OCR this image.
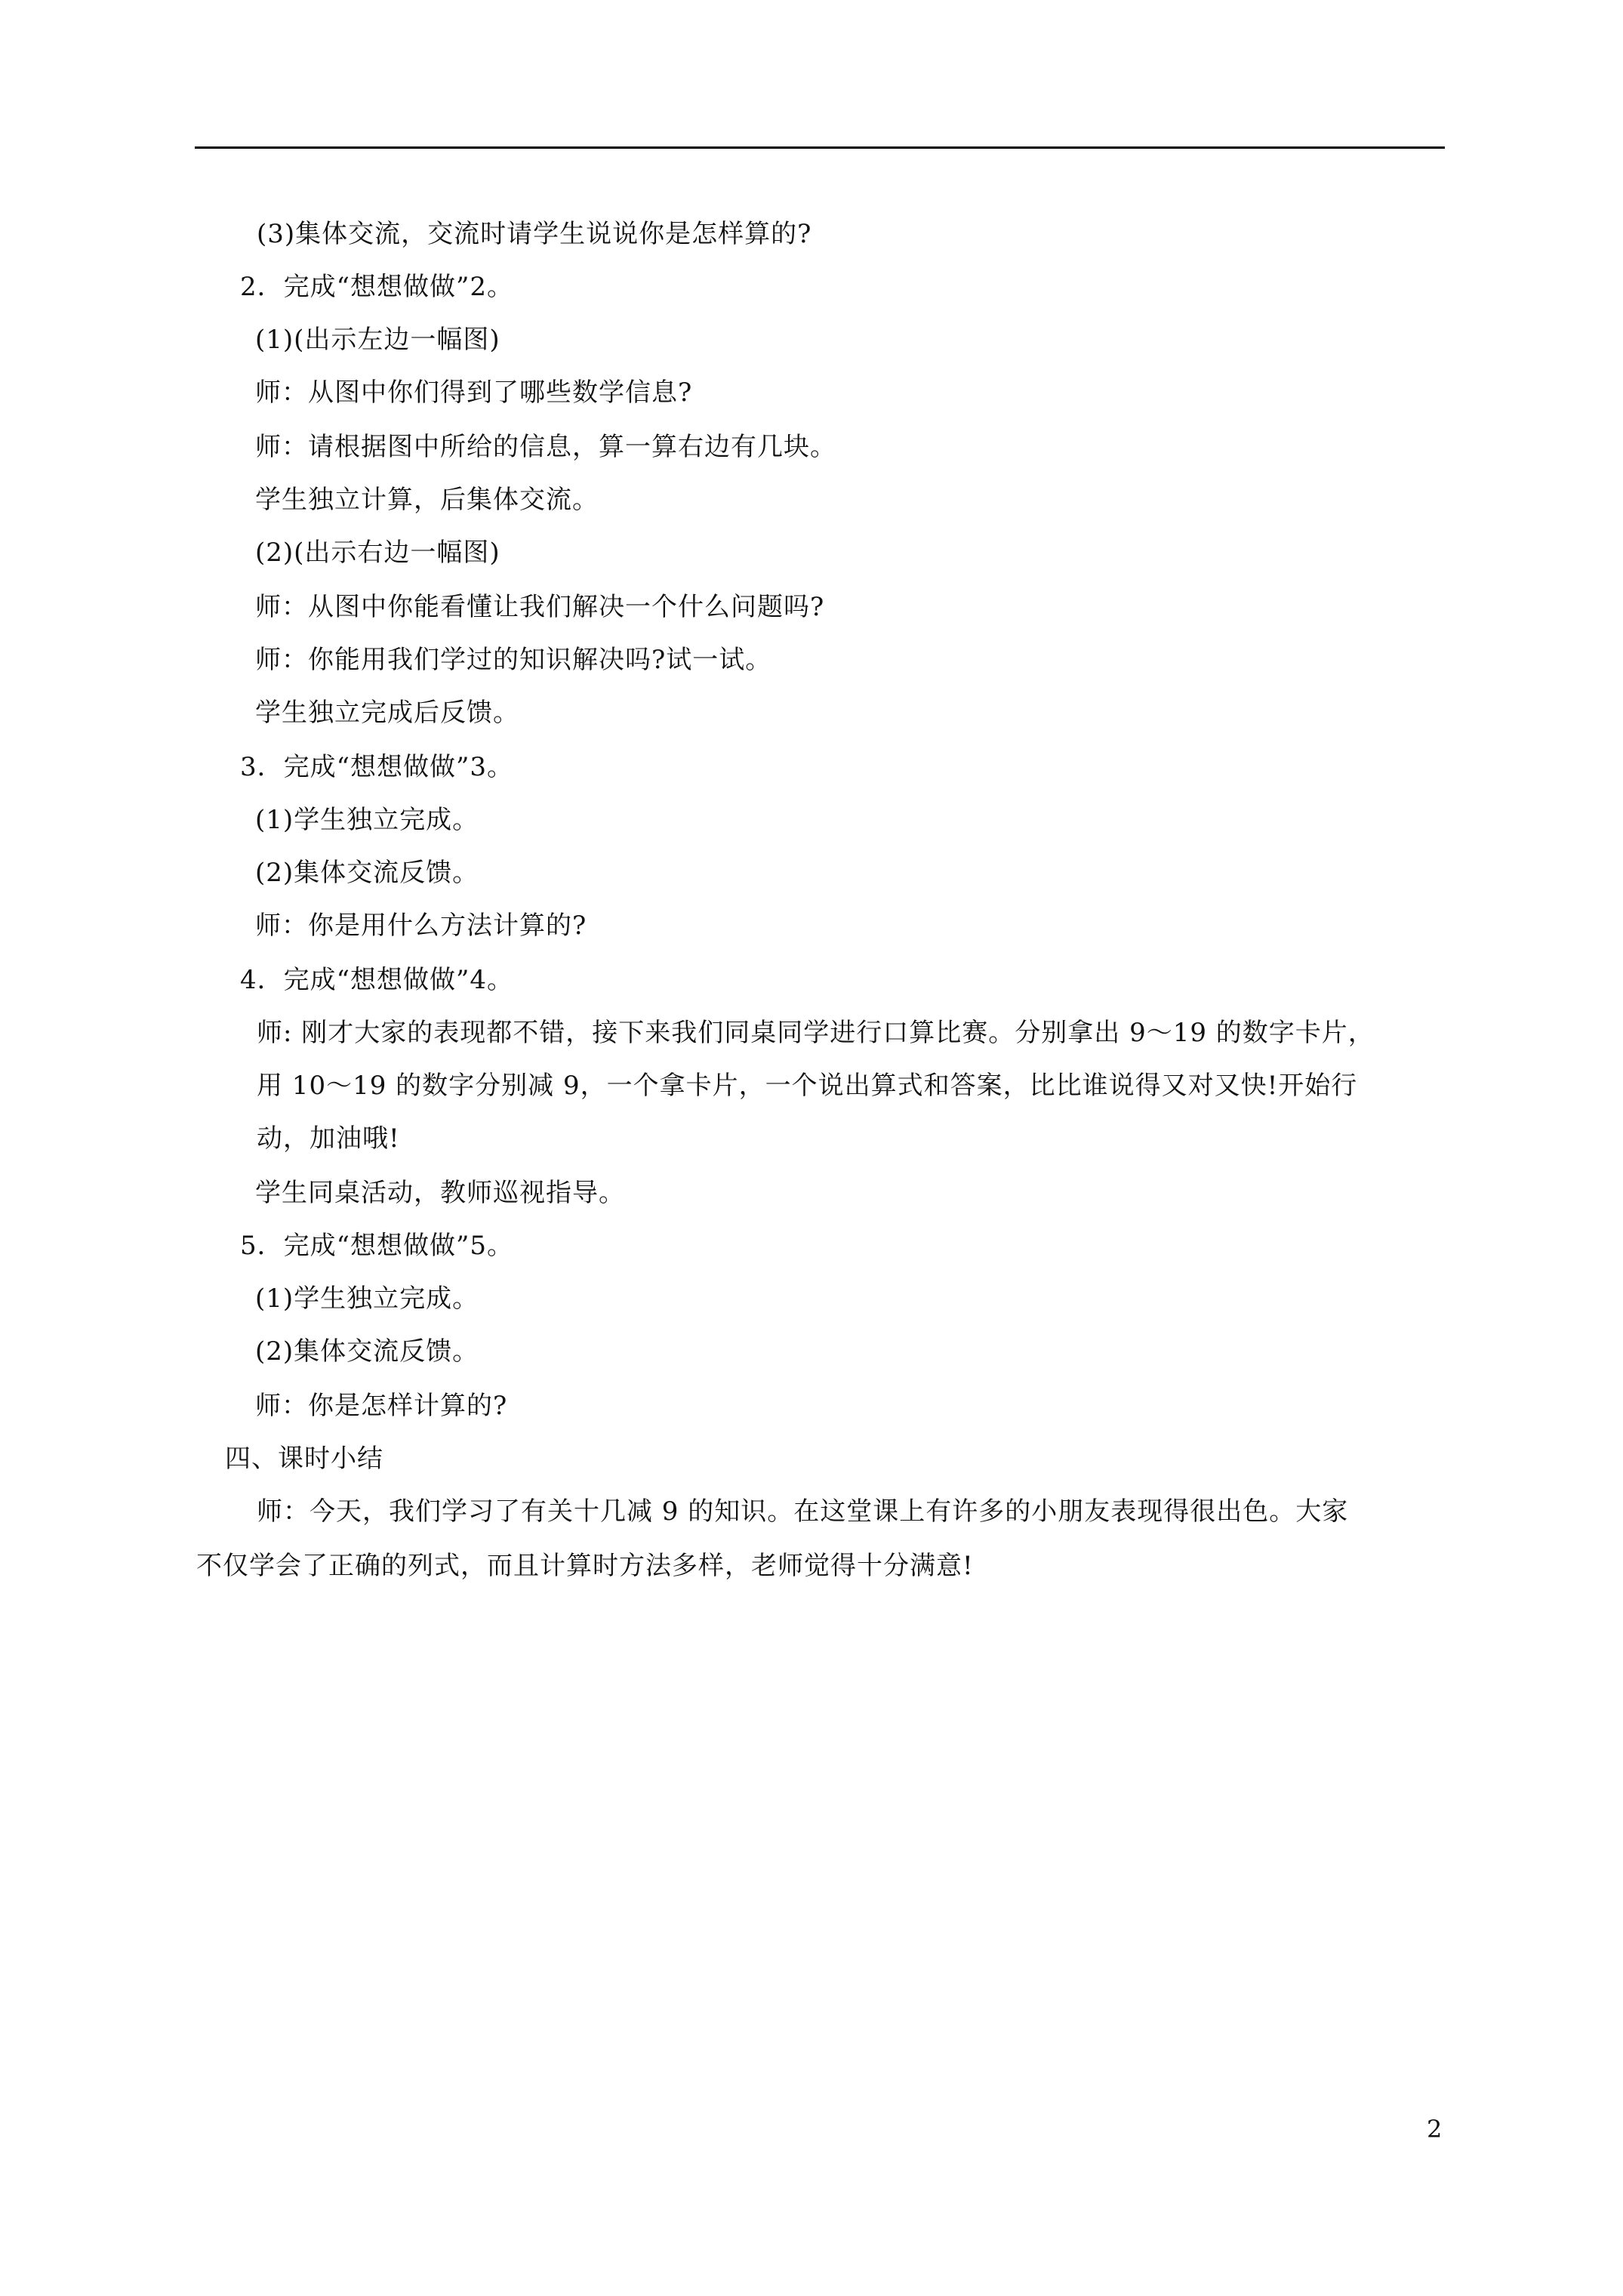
(3)集体交流，交流时请学生说说你是怎样算的?
2．完成“想想做做”2。
(1)(出示左边一幅图)
师：从图中你们得到了哪些数学信息?
师：请根据图中所给的信息，算一算右边有几块。
学生独立计算，后集体交流。
(2)(出示右边一幅图)
师：从图中你能看懂让我们解决一个什么问题吗?
师：你能用我们学过的知识解决吗?试一试。
学生独立完成后反馈。
3．完成“想想做做”3。
(1)学生独立完成。
(2)集体交流反馈。
师：你是用什么方法计算的?
4．完成“想想做做”4。
师: 刚才大家的表现都不错，接下来我们同桌同学进行口算比赛。分别拿出 9～19 的数字卡片，
用 10～19 的数字分别减 9，一个拿卡片，一个说出算式和答案，比比谁说得又对又快!开始行
动，加油哦!
学生同桌活动，教师巡视指导。
5．完成“想想做做”5。
(1)学生独立完成。
(2)集体交流反馈。
师：你是怎样计算的?
四、课时小结
师：今天，我们学习了有关十几减 9 的知识。在这堂课上有许多的小朋友表现得很出色。大家
不仅学会了正确的列式，而且计算时方法多样，老师觉得十分满意!
2
